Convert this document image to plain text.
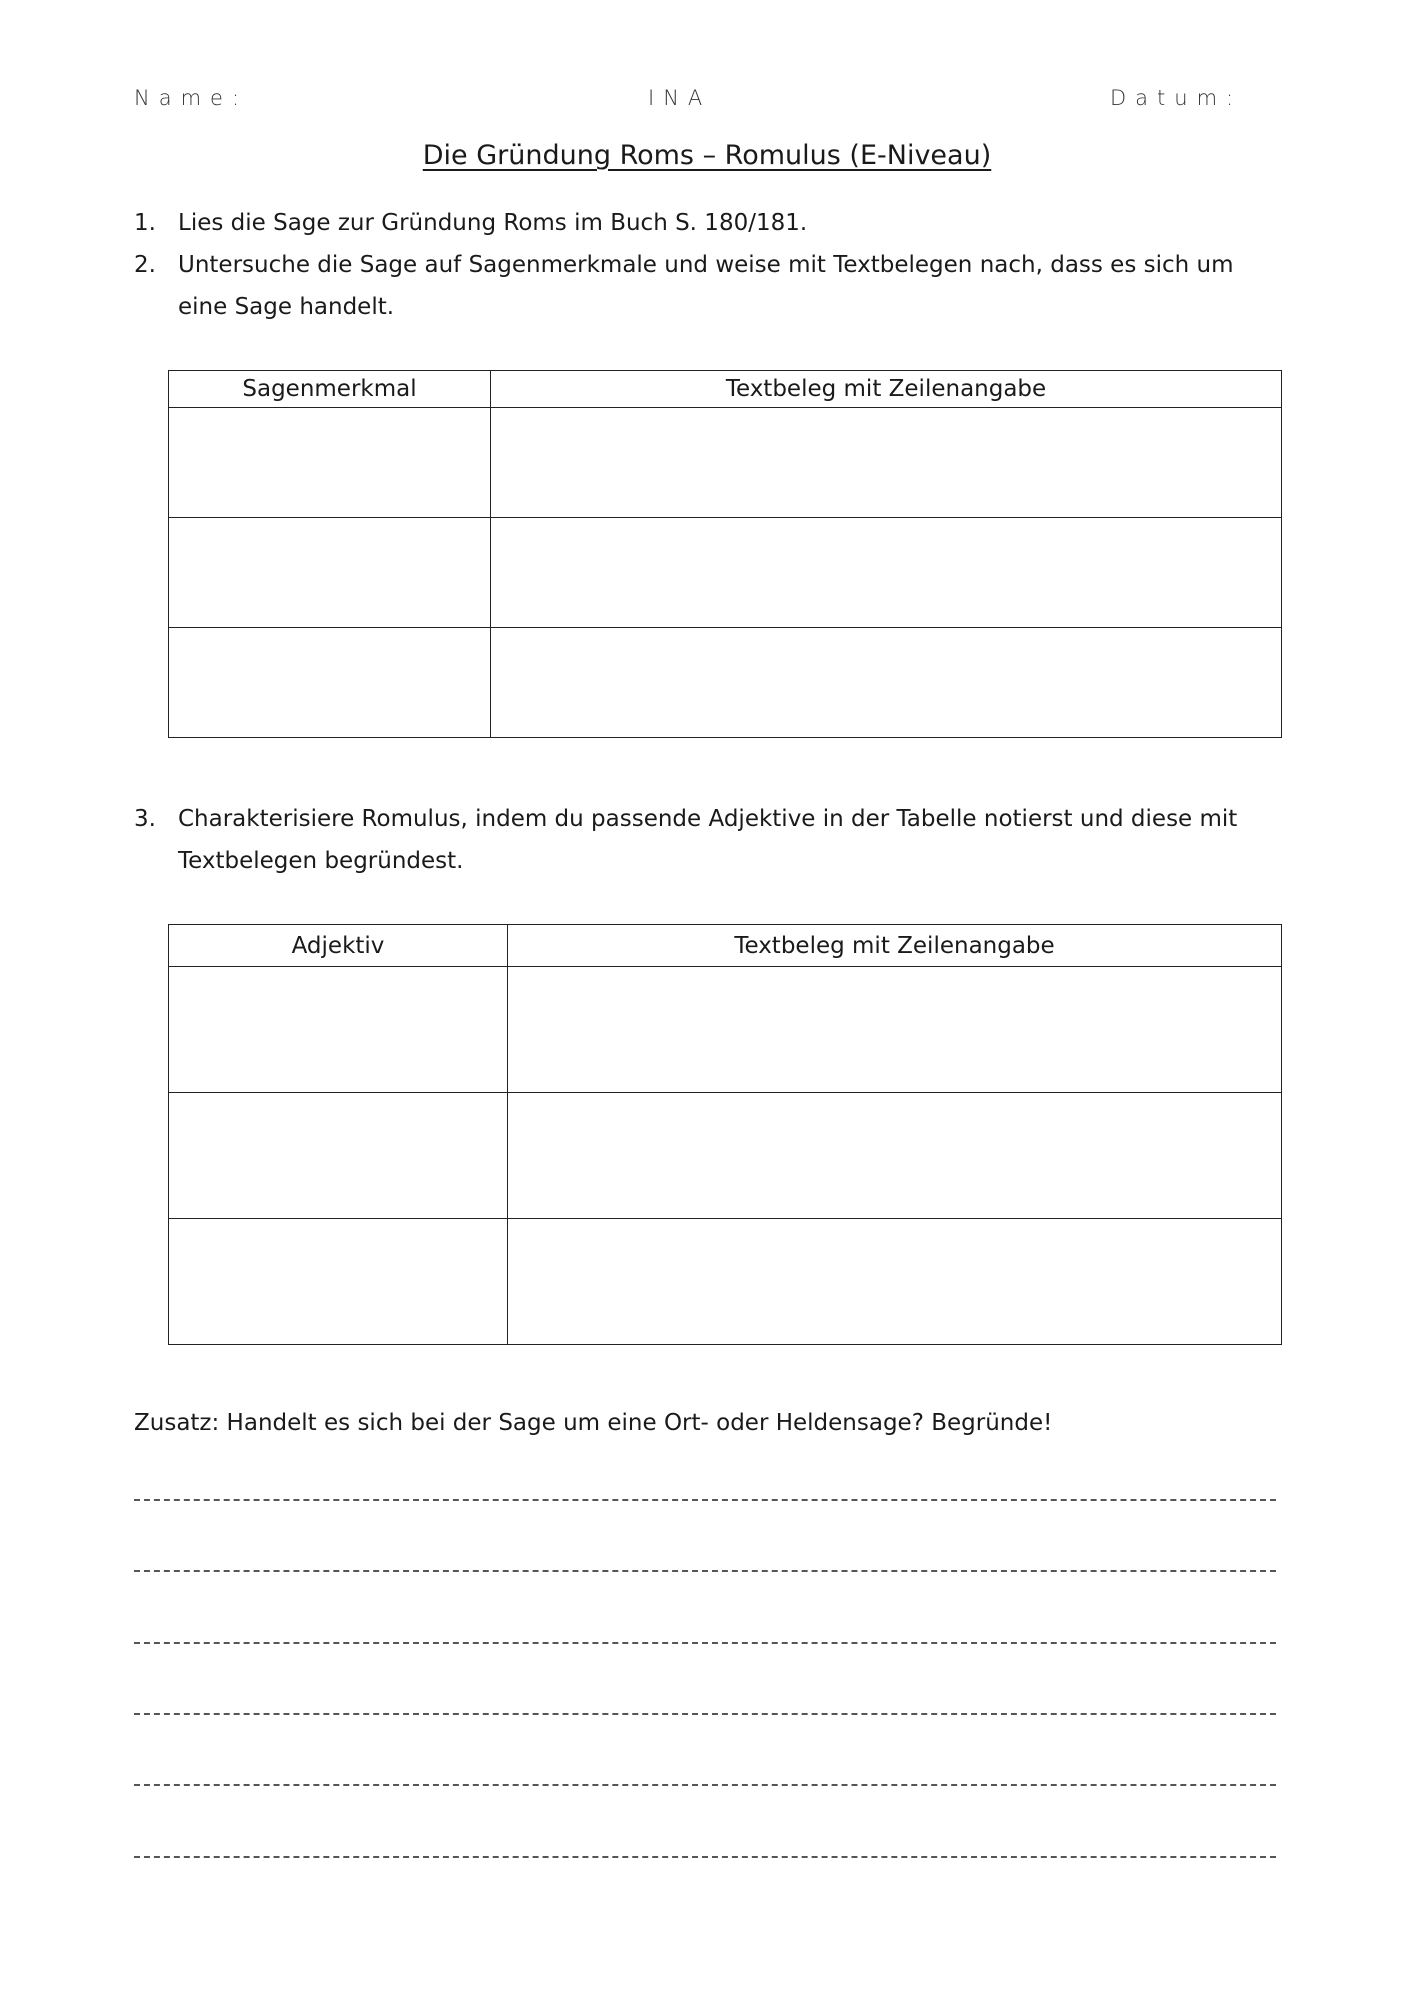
Name:	INA	Datum:
Die Gründung Roms – Romulus (E-Niveau)
1. Lies die Sage zur Gründung Roms im Buch S. 180/181.
2. Untersuche die Sage auf Sagenmerkmale und weise mit Textbelegen nach, dass es sich um eine Sage handelt.
Sagenmerkmal	Textbeleg mit Zeilenangabe

3. Charakterisiere Romulus, indem du passende Adjektive in der Tabelle notierst und diese mit Textbelegen begründest.
Adjektiv	Textbeleg mit Zeilenangabe

Zusatz: Handelt es sich bei der Sage um eine Ort- oder Heldensage? Begründe!
